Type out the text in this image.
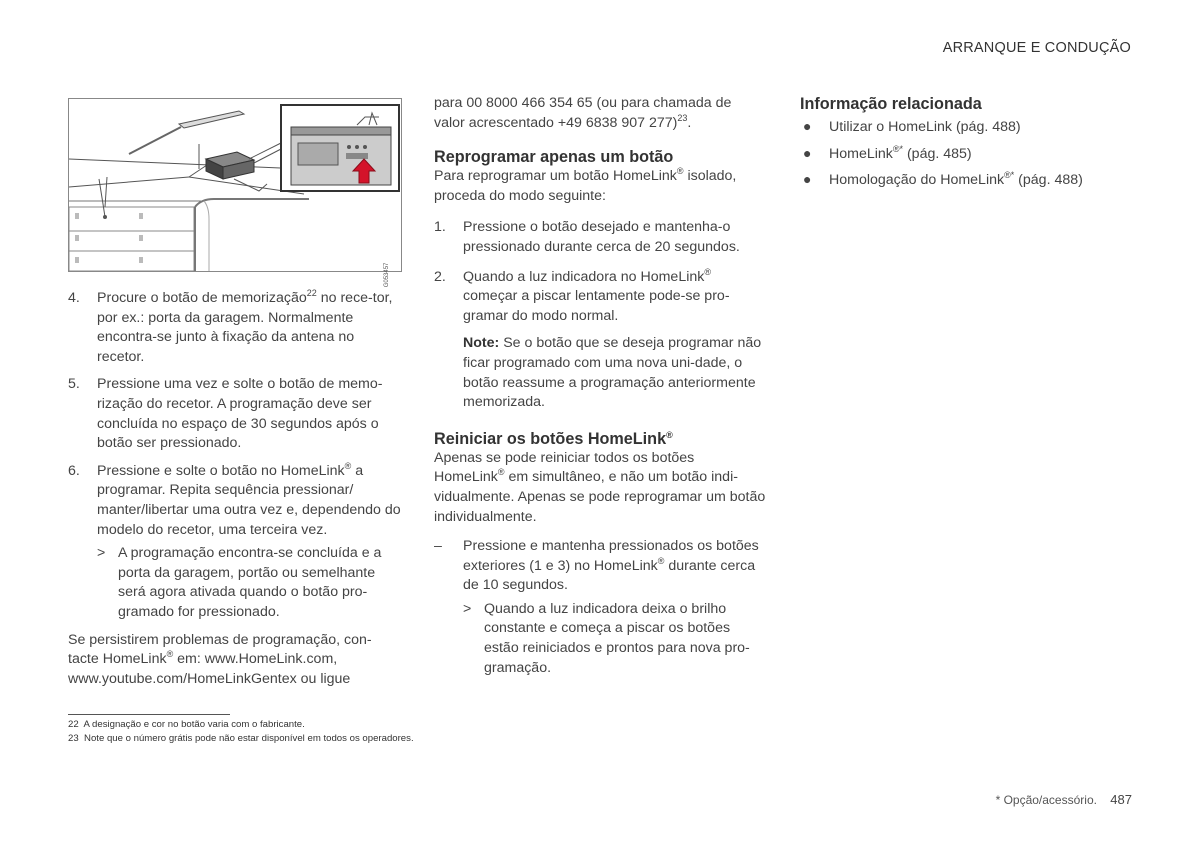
ARRANQUE E CONDUÇÃO
G053457
4. Procure o botão de memorização$^{22}$ no rece-tor, por ex.: porta da garagem. Normalmente encontra-se junto à fixação da antena no recetor.
5. Pressione uma vez e solte o botão de memo-rização do recetor. A programação deve ser concluída no espaço de 30 segundos após o botão ser pressionado.
6. Pressione e solte o botão no HomeLink® a programar. Repita sequência pressionar/ manter/libertar uma outra vez e, dependendo do modelo do recetor, uma terceira vez.
> A programação encontra-se concluída e a porta da garagem, portão ou semelhante será agora ativada quando o botão pro-gramado for pressionado.

Se persistirem problemas de programação, con-tacte HomeLink® em: www.HomeLink.com, www.youtube.com/HomeLinkGentex ou ligue

para 00 8000 466 354 65 (ou para chamada de valor acrescentado +49 6838 907 277)$^{23}$.

Reprogramar apenas um botão

Para reprogramar um botão HomeLink® isolado, proceda do modo seguinte:

1. Pressione o botão desejado e mantenha-o pressionado durante cerca de 20 segundos.
2. Quando a luz indicadora no HomeLink® começar a piscar lentamente pode-se pro-gramar do modo normal.

Note: Se o botão que se deseja programar não ficar programado com uma nova uni-dade, o botão reassume a programação anteriormente memorizada.

Reiniciar os botões HomeLink®

Apenas se pode reiniciar todos os botões HomeLink® em simultâneo, e não um botão indi-vidualmente. Apenas se pode reprogramar um botão individualmente.

– Pressione e mantenha pressionados os botões exteriores (1 e 3) no HomeLink® durante cerca de 10 segundos.
> Quando a luz indicadora deixa o brilho constante e começa a piscar os botões estão reiniciados e prontos para nova pro-gramação.
Informação relacionada
● Utilizar o HomeLink (pág. 488)
● HomeLink®* (pág. 485)
● Homologação do HomeLink®* (pág. 488)
22 A designação e cor no botão varia com o fabricante.
23 Note que o número grátis pode não estar disponível em todos os operadores.
* Opção/acessório. 487
